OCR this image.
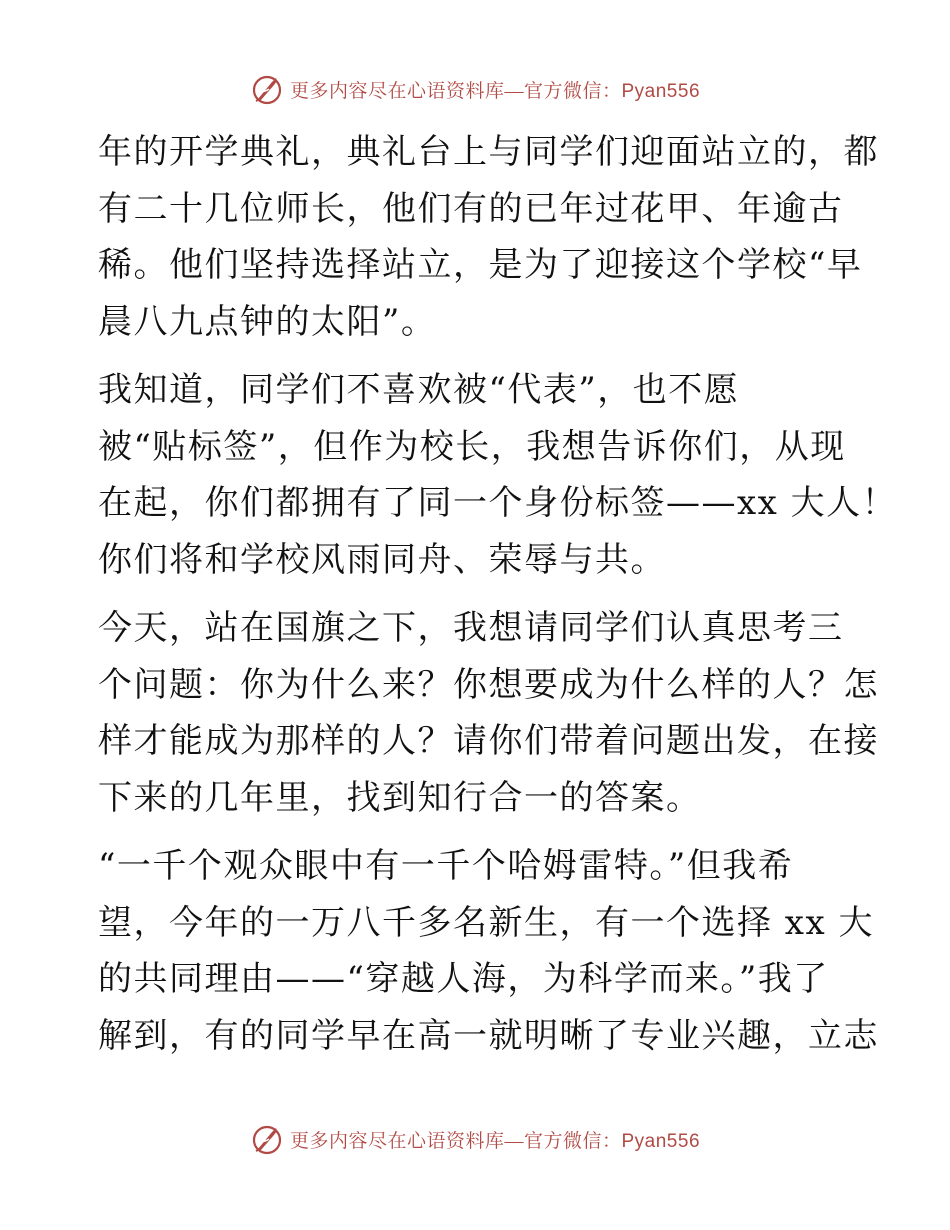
更多内容尽在心语资料库—官方微信：Pyan556

年的开学典礼，典礼台上与同学们迎面站立的，都
有二十几位师长，他们有的已年过花甲、年逾古
稀。他们坚持选择站立，是为了迎接这个学校“早
晨八九点钟的太阳”。

我知道，同学们不喜欢被“代表”，也不愿
被“贴标签”，但作为校长，我想告诉你们，从现
在起，你们都拥有了同一个身份标签——xx 大人！
你们将和学校风雨同舟、荣辱与共。

今天，站在国旗之下，我想请同学们认真思考三
个问题：你为什么来？你想要成为什么样的人？怎
样才能成为那样的人？请你们带着问题出发，在接
下来的几年里，找到知行合一的答案。

“一千个观众眼中有一千个哈姆雷特。”但我希
望，今年的一万八千多名新生，有一个选择 xx 大
的共同理由——“穿越人海，为科学而来。”我了
解到，有的同学早在高一就明晰了专业兴趣，立志

更多内容尽在心语资料库—官方微信：Pyan556
